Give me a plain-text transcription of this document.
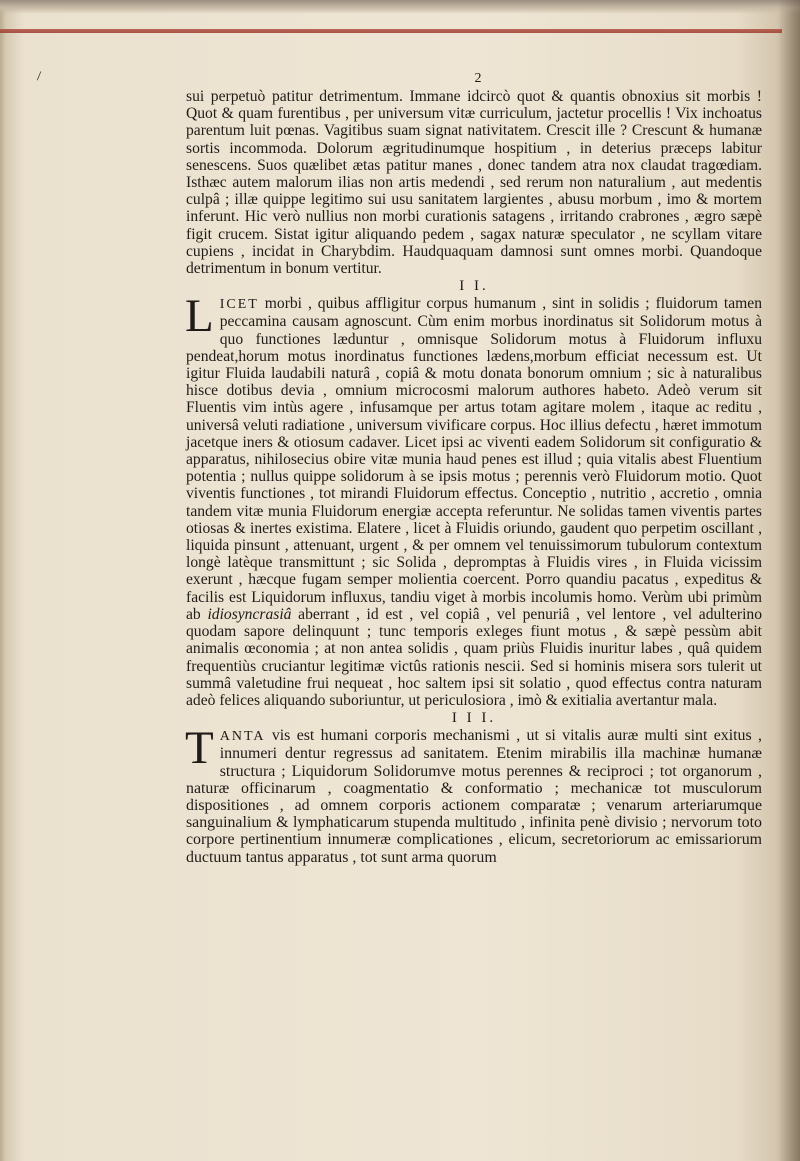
\	2

sui perpetuò patitur detrimentum. Immane idcircò quot & quantis obnoxius sit morbis ! Quot & quam furentibus , per universum vitæ curriculum, jactetur procellis ! Vix inchoatus parentum luit pœnas. Vagitibus suam signat nativitatem. Crescit ille ? Crescunt & humanæ sortis incommoda. Dolorum ægritudinumque hospitium , in deterius præceps labitur senescens. Suos quælibet ætas patitur manes , donec tandem atra nox claudat tragœdiam. Isthæc autem malorum ilias non artis medendi , sed rerum non naturalium , aut medentis culpâ ; illæ quippe legitimo sui usu sanitatem largientes , abusu morbum , imo & mortem inferunt. Hic verò nullius non morbi curationis satagens , irritando crabrones , ægro sæpè figit crucem. Sistat igitur aliquando pedem , sagax naturæ speculator , ne scyllam vitare cupiens , incidat in Charybdim. Haudquaquam damnosi sunt omnes morbi. Quandoque detrimentum in bonum vertitur.

I I.

LICET morbi , quibus affligitur corpus humanum , sint in solidis ; fluidorum tamen peccamina causam agnoscunt. Cùm enim morbus inordinatus sit Solidorum motus à quo functiones læduntur , omnisque Solidorum motus à Fluidorum influxu pendeat,horum motus inordinatus functiones lædens,morbum efficiat necessum est. Ut igitur Fluida laudabili naturâ , copiâ & motu donata bonorum omnium ; sic à naturalibus hisce dotibus devia , omnium microcosmi malorum authores habeto. Adeò verum sit Fluentis vim intùs agere , infusamque per artus totam agitare molem , itaque ac reditu , universâ veluti radiatione , universum vivificare corpus. Hoc illius defectu , hæret immotum jacetque iners & otiosum cadaver. Licet ipsi ac viventi eadem Solidorum sit configuratio & apparatus, nihilosecius obire vitæ munia haud penes est illud ; quia vitalis abest Fluentium potentia ; nullus quippe solidorum à se ipsis motus ; perennis verò Fluidorum motio. Quot viventis functiones , tot mirandi Fluidorum effectus. Conceptio , nutritio , accretio , omnia tandem vitæ munia Fluidorum energiæ accepta referuntur. Ne solidas tamen viventis partes otiosas & inertes existima. Elatere , licet à Fluidis oriundo, gaudent quo perpetim oscillant , liquida pinsunt , attenuant, urgent , & per omnem vel tenuissimorum tubulorum contextum longè latèque transmittunt ; sic Solida , depromptas à Fluidis vires , in Fluida vicissim exerunt , hæcque fugam semper molientia coercent. Porro quandiu pacatus , expeditus & facilis est Liquidorum influxus, tandiu viget à morbis incolumis homo. Verùm ubi primùm ab idiosyncrasiâ aberrant , id est , vel copiâ , vel penuriâ , vel lentore , vel adulterino quodam sapore delinquunt ; tunc temporis exleges fiunt motus , & sæpè pessùm abit animalis œconomia ; at non antea solidis , quam priùs Fluidis inuritur labes , quâ quidem frequentiùs cruciantur legitimæ victûs rationis nescii. Sed si hominis misera sors tulerit ut summâ valetudine frui nequeat , hoc saltem ipsi sit solatio , quod effectus contra naturam adeò felices aliquando suboriuntur, ut periculosiora , imò & exitialia avertantur mala.

I I I.

TANTA vis est humani corporis mechanismi , ut si vitalis auræ multi sint exitus , innumeri dentur regressus ad sanitatem. Etenim mirabilis illa machinæ humanæ structura ; Liquidorum Solidorumve motus perennes & reciproci ; tot organorum , naturæ officinarum , coagmentatio & conformatio ; mechanicæ tot musculorum dispositiones , ad omnem corporis actionem comparatæ ; venarum arteriarumque sanguinalium & lymphaticarum stupenda multitudo , infinita penè divisio ; nervorum toto corpore pertinentium innumeræ complicationes , elicum, secretoriorum ac emissariorum ductuum tantus apparatus , tot sunt arma quorum
